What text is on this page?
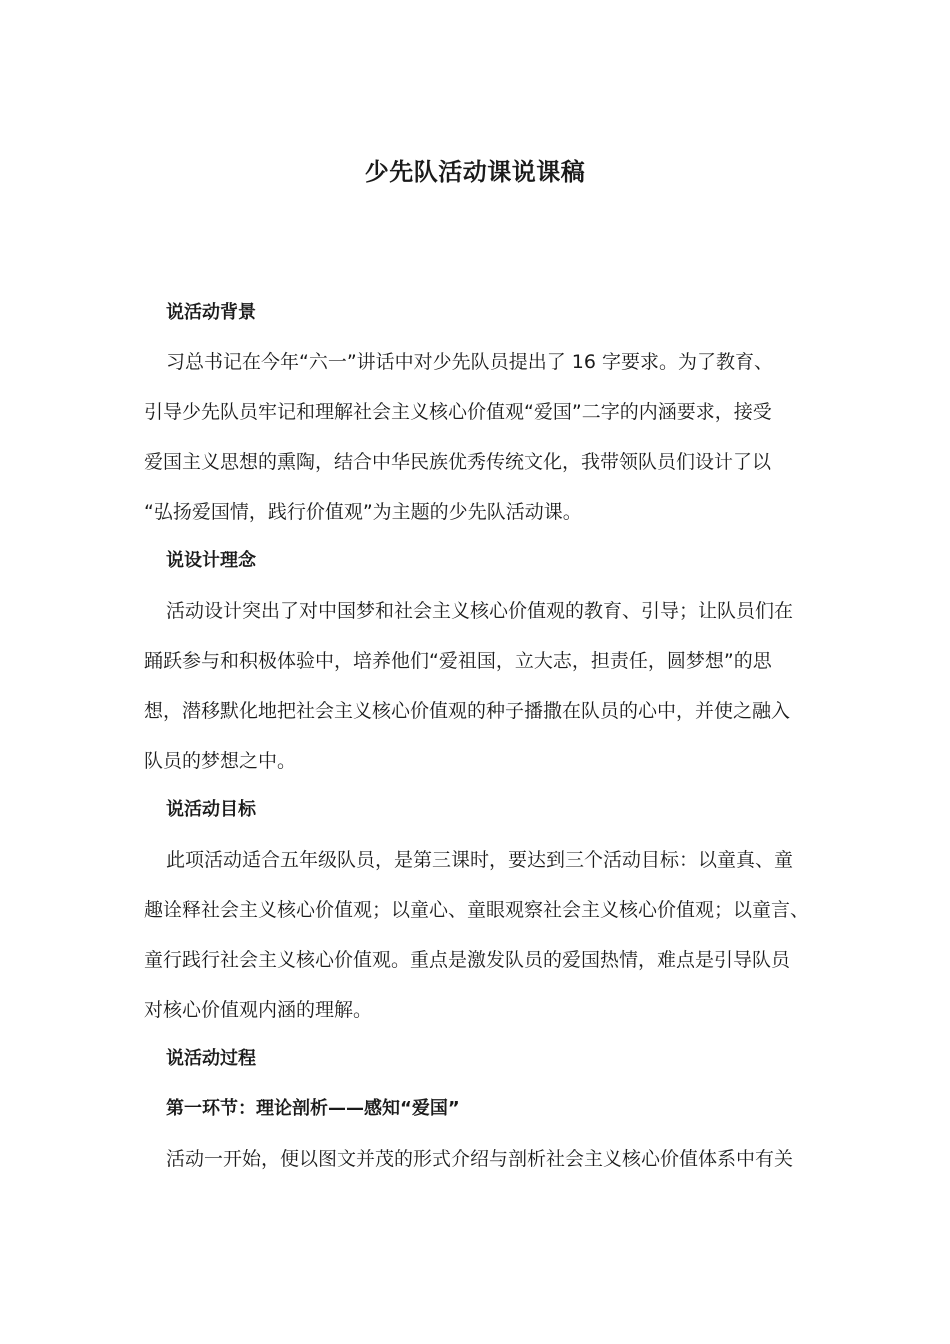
少先队活动课说课稿
说活动背景
习总书记在今年“六一”讲话中对少先队员提出了 16 字要求。为了教育、
引导少先队员牢记和理解社会主义核心价值观“爱国”二字的内涵要求，接受
爱国主义思想的熏陶，结合中华民族优秀传统文化，我带领队员们设计了以
“弘扬爱国情，践行价值观”为主题的少先队活动课。
说设计理念
活动设计突出了对中国梦和社会主义核心价值观的教育、引导；让队员们在
踊跃参与和积极体验中，培养他们“爱祖国，立大志，担责任，圆梦想”的思
想，潜移默化地把社会主义核心价值观的种子播撒在队员的心中，并使之融入
队员的梦想之中。
说活动目标
此项活动适合五年级队员，是第三课时，要达到三个活动目标：以童真、童
趣诠释社会主义核心价值观；以童心、童眼观察社会主义核心价值观；以童言、
童行践行社会主义核心价值观。重点是激发队员的爱国热情，难点是引导队员
对核心价值观内涵的理解。
说活动过程
第一环节：理论剖析——感知“爱国”
活动一开始，便以图文并茂的形式介绍与剖析社会主义核心价值体系中有关
